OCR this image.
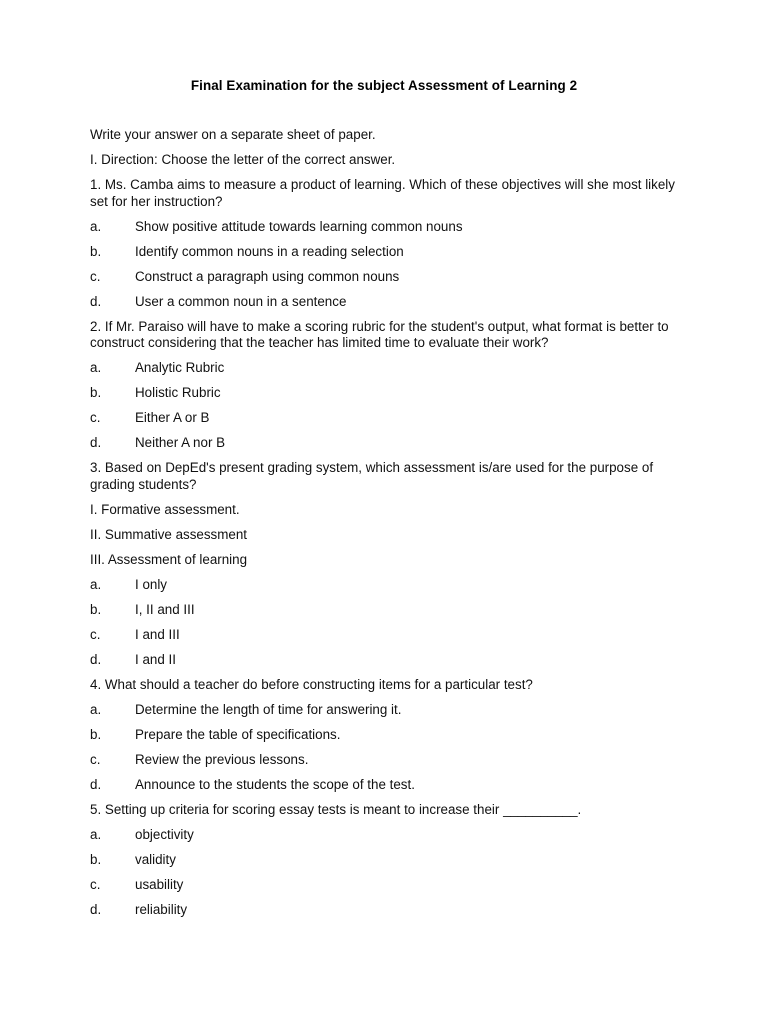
Final Examination for the subject Assessment of Learning 2

Write your answer on a separate sheet of paper.

I. Direction: Choose the letter of the correct answer.

1. Ms. Camba aims to measure a product of learning. Which of these objectives will she most likely set for her instruction?

a.	Show positive attitude towards learning common nouns
b.	Identify common nouns in a reading selection
c.	Construct a paragraph using common nouns
d.	User a common noun in a sentence

2. If Mr. Paraiso will have to make a scoring rubric for the student's output, what format is better to construct considering that the teacher has limited time to evaluate their work?

a.	Analytic Rubric
b.	Holistic Rubric
c.	Either A or B
d.	Neither A nor B

3. Based on DepEd's present grading system, which assessment is/are used for the purpose of grading students?

I. Formative assessment.

II. Summative assessment

III. Assessment of learning

a.	I only
b.	I, II and III
c.	I and III
d.	I and II

4. What should a teacher do before constructing items for a particular test?

a.	Determine the length of time for answering it.
b.	Prepare the table of specifications.
c.	Review the previous lessons.
d.	Announce to the students the scope of the test.

5. Setting up criteria for scoring essay tests is meant to increase their __________.

a.	objectivity
b.	validity
c.	usability
d.	reliability
